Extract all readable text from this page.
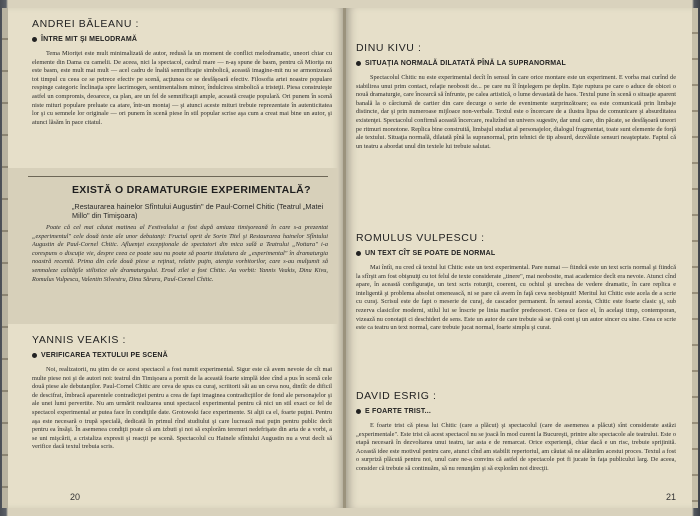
ANDREI BĂLEANU :
ÎNTRE MIT ŞI MELODRAMĂ

Tema Mioriţei este mult minimalizată de autor, redusă la un moment de conflict melodramatic, uneori chiar cu elemente din Dama cu camelii. De aceea, nici la spectacol, cadrul mare — n-aş spune de basm, pentru că Mioriţa nu este basm, este mult mai mult — acel cadru de înaltă semnificaţie simbolică, această imagine-mit nu se armonizează tot timpul cu ceea ce se petrece efectiv pe scenă, acţiunea ce se desfăşoară efectiv. Filosofia artei noastre populare respinge categoric înclinaţia spre lacrimogen, sentimentalism minor, îndulcirea simbolică a tristeţii. Piesa construieşte astfel un compromis, deoarece, ca plan, are un fel de semnificaţii ample, această creaţie populară. Ori punem în scenă niste mituri populare preluate ca atare, într-un montaj — şi atunci aceste mituri trebuie reprezentate în autenticitatea lor şi cu semnele lor originale — ori punem în scenă piese în stil popular scrise aşa cum a creat mai bine un autor, şi atunci lăsăm în pace citatul.

EXISTĂ O DRAMATURGIE EXPERIMENTALĂ?
„Restaurarea hainelor Sfîntului Augustin" de Paul-Cornel Chitic (Teatrul „Matei Millo" din Timişoara)

Poate că cel mai căutat matineu al Festivalului a fost după amiaza timişoreană în care s-a prezentat „experimentul" cele două texte ale unor debutanţi: Fructul oprit de Sorin Titel şi Restaurarea hainelor Sfîntului Augustin de Paul-Cornel Chitic. Afluenţei excepţionale de spectatori din mica sală a Teatrului „Nottara" i-a corespuns o discuţie vie, despre ceea ce poate sau nu poate să poarte titulatura de „experimental" în dramaturgia noastră recentă. Prima din cele două piese a reţinut, relativ puţin, atenţia vorbitorilor, care s-au mulţumit să semnaleze calităţile stilistice ale dramaturgului. Eroul zilei a fost Chitic. Au vorbit: Yannis Veakis, Dinu Kivu, Romulus Vulpescu, Valentin Silvestru, Dinu Săraru, Paul-Cornel Chitic.

YANNIS VEAKIS :
VERIFICAREA TEXTULUI PE SCENĂ

Noi, realizatorii, nu ştim de ce acest spectacol a fost numit experimental. Sigur este că avem nevoie de cît mai multe piese noi şi de autori noi: teatrul din Timişoara a pornit de la această foarte simplă idee cînd a pus în scenă cele două piese ale debutanţilor. Paul-Cornel Chitic are ceva de spus cu curaj, scriitorii săi au un ceva nou, dintîi: de dificil de descifrat, îmbracă aparentele contradicţiei pentru a crea de fapt imaginea contradicţiilor de fond ale personajelor şi ale unei lumi pervertite. Nu am urmărit realizarea unui spectacol experimental pentru că nici un stil exact ce fel de spectacol experimental ar putea face în condiţiile date. Grotowski face experimente. Si alţii ca el, foarte puţini. Pentru aşa este necesară o trupă specială, dedicată în primul rînd studiului şi care lucrează mai puţin pentru public decît pentru ea însăşi. În asemenea condiţii poate că am izbuti şi noi să explorăm terenuri nedefrişate din arta de a vorbi, a se uni mişcării, a cristaliza expresii şi reacţii pe scenă. Spectacolul cu Hainele sfîntului Augustin nu a vrut decît să verifice dacă textul trebuia scris.

20
DINU KIVU :
SITUAŢIA NORMALĂ DILATATĂ PÎNĂ LA SUPRANORMAL

Spectacolul Chitic nu este experimental decît în sensul în care orice montare este un experiment. E vorba mai curînd de stabilirea unui prim contact, relaţie neobosit de... pe care nu îl înţelegem pe deplin. Eşte ruptura pe care o aduce de obicei o nouă dramaturgie, care încearcă să înfrunte, pe calea artistică, o lume devastată de haos. Textul pune în scenă o situaţie aparent banală la o cârciumă de cartier din care decurge o serie de evenimente surprinzătoare; ea este comunicată prin limbaje distincte, dar şi prin numeroase mijloace non-verbale. Textul este o încercare de a ilustra lipsa de comunicare şi absurditatea existenţei. Spectacolul confirmă această încercare, realizînd un univers sugestiv, dar unul care, din păcate, se desfăşoară uneori pe ritmuri monotone. Replica bine construită, limbajul studiat al personajelor, dialogul fragmentat, toate sunt elemente de forţă ale textului. Situaţia normală, dilatată pînă la supranormal, prin tehnici de tip absurd, dezvăluie sensuri neaşteptate. Faptul că un teatru a abordat unul din textele lui trebuie salutat.

ROMULUS VULPESCU :
UN TEXT CÎT SE POATE DE NORMAL

Mai întîi, nu cred că textul lui Chitic este un text experimental. Pare numai — fiindcă este un text scris normal şi fiindcă la sfîrşit am fost obişnuiţi cu tot felul de texte considerate „tinere", mai neobosite, mai academice decît era nevoie. Atunci cînd apare, în această configuraţie, un text scris rotunjit, coerent, cu ochiul şi urechea de vedere dramatic, în care replica e inteligentă şi problema absolut omenească, ni se pare că avem în faţă ceva neobişnuit! Meritul lui Chitic este acela de a scrie cu curaj. Scrisul este de fapt o meserie de curaj, de cascador permanent. În sensul acesta, Chitic este foarte clasic şi, sub rezerva clasicilor moderni, stilul lui se înscrie pe linia marilor predecesori. Ceea ce face el, în acelaşi timp, contemporan, vizează nu conotaţii ci deschideri de sens. Este un autor de care trebuie să se ţină cont şi un autor sincer cu sine. Ceea ce scrie este ca teatru un text normal, care trebuie jucat normal, foarte simplu şi curat.

DAVID ESRIG :
E FOARTE TRIST...

E foarte trist că piesa lui Chitic (care a plăcut) şi spectacolul (care de asemenea a plăcut) sînt considerate astăzi „experimentale". Este trist că acest spectacol nu se joacă în mod curent la Bucureşti, printre alte spectacole ale teatrului. Este o etapă necesară în dezvoltarea unui teatru, iar asta e de remarcat. Orice experienţă, chiar dacă e un risc, trebuie sprijinită. Această idee este motivul pentru care, atunci cînd am stabilit repertoriul, am căutat să ne alăturăm acestui proces. Textul a fost o surpriză plăcută pentru noi, unul care ne-a convins că astfel de spectacole pot fi jucate în faţa publicului larg. De aceea, consider că trebuie să continuăm, să nu renunţăm şi să explorăm noi direcţii.

21
